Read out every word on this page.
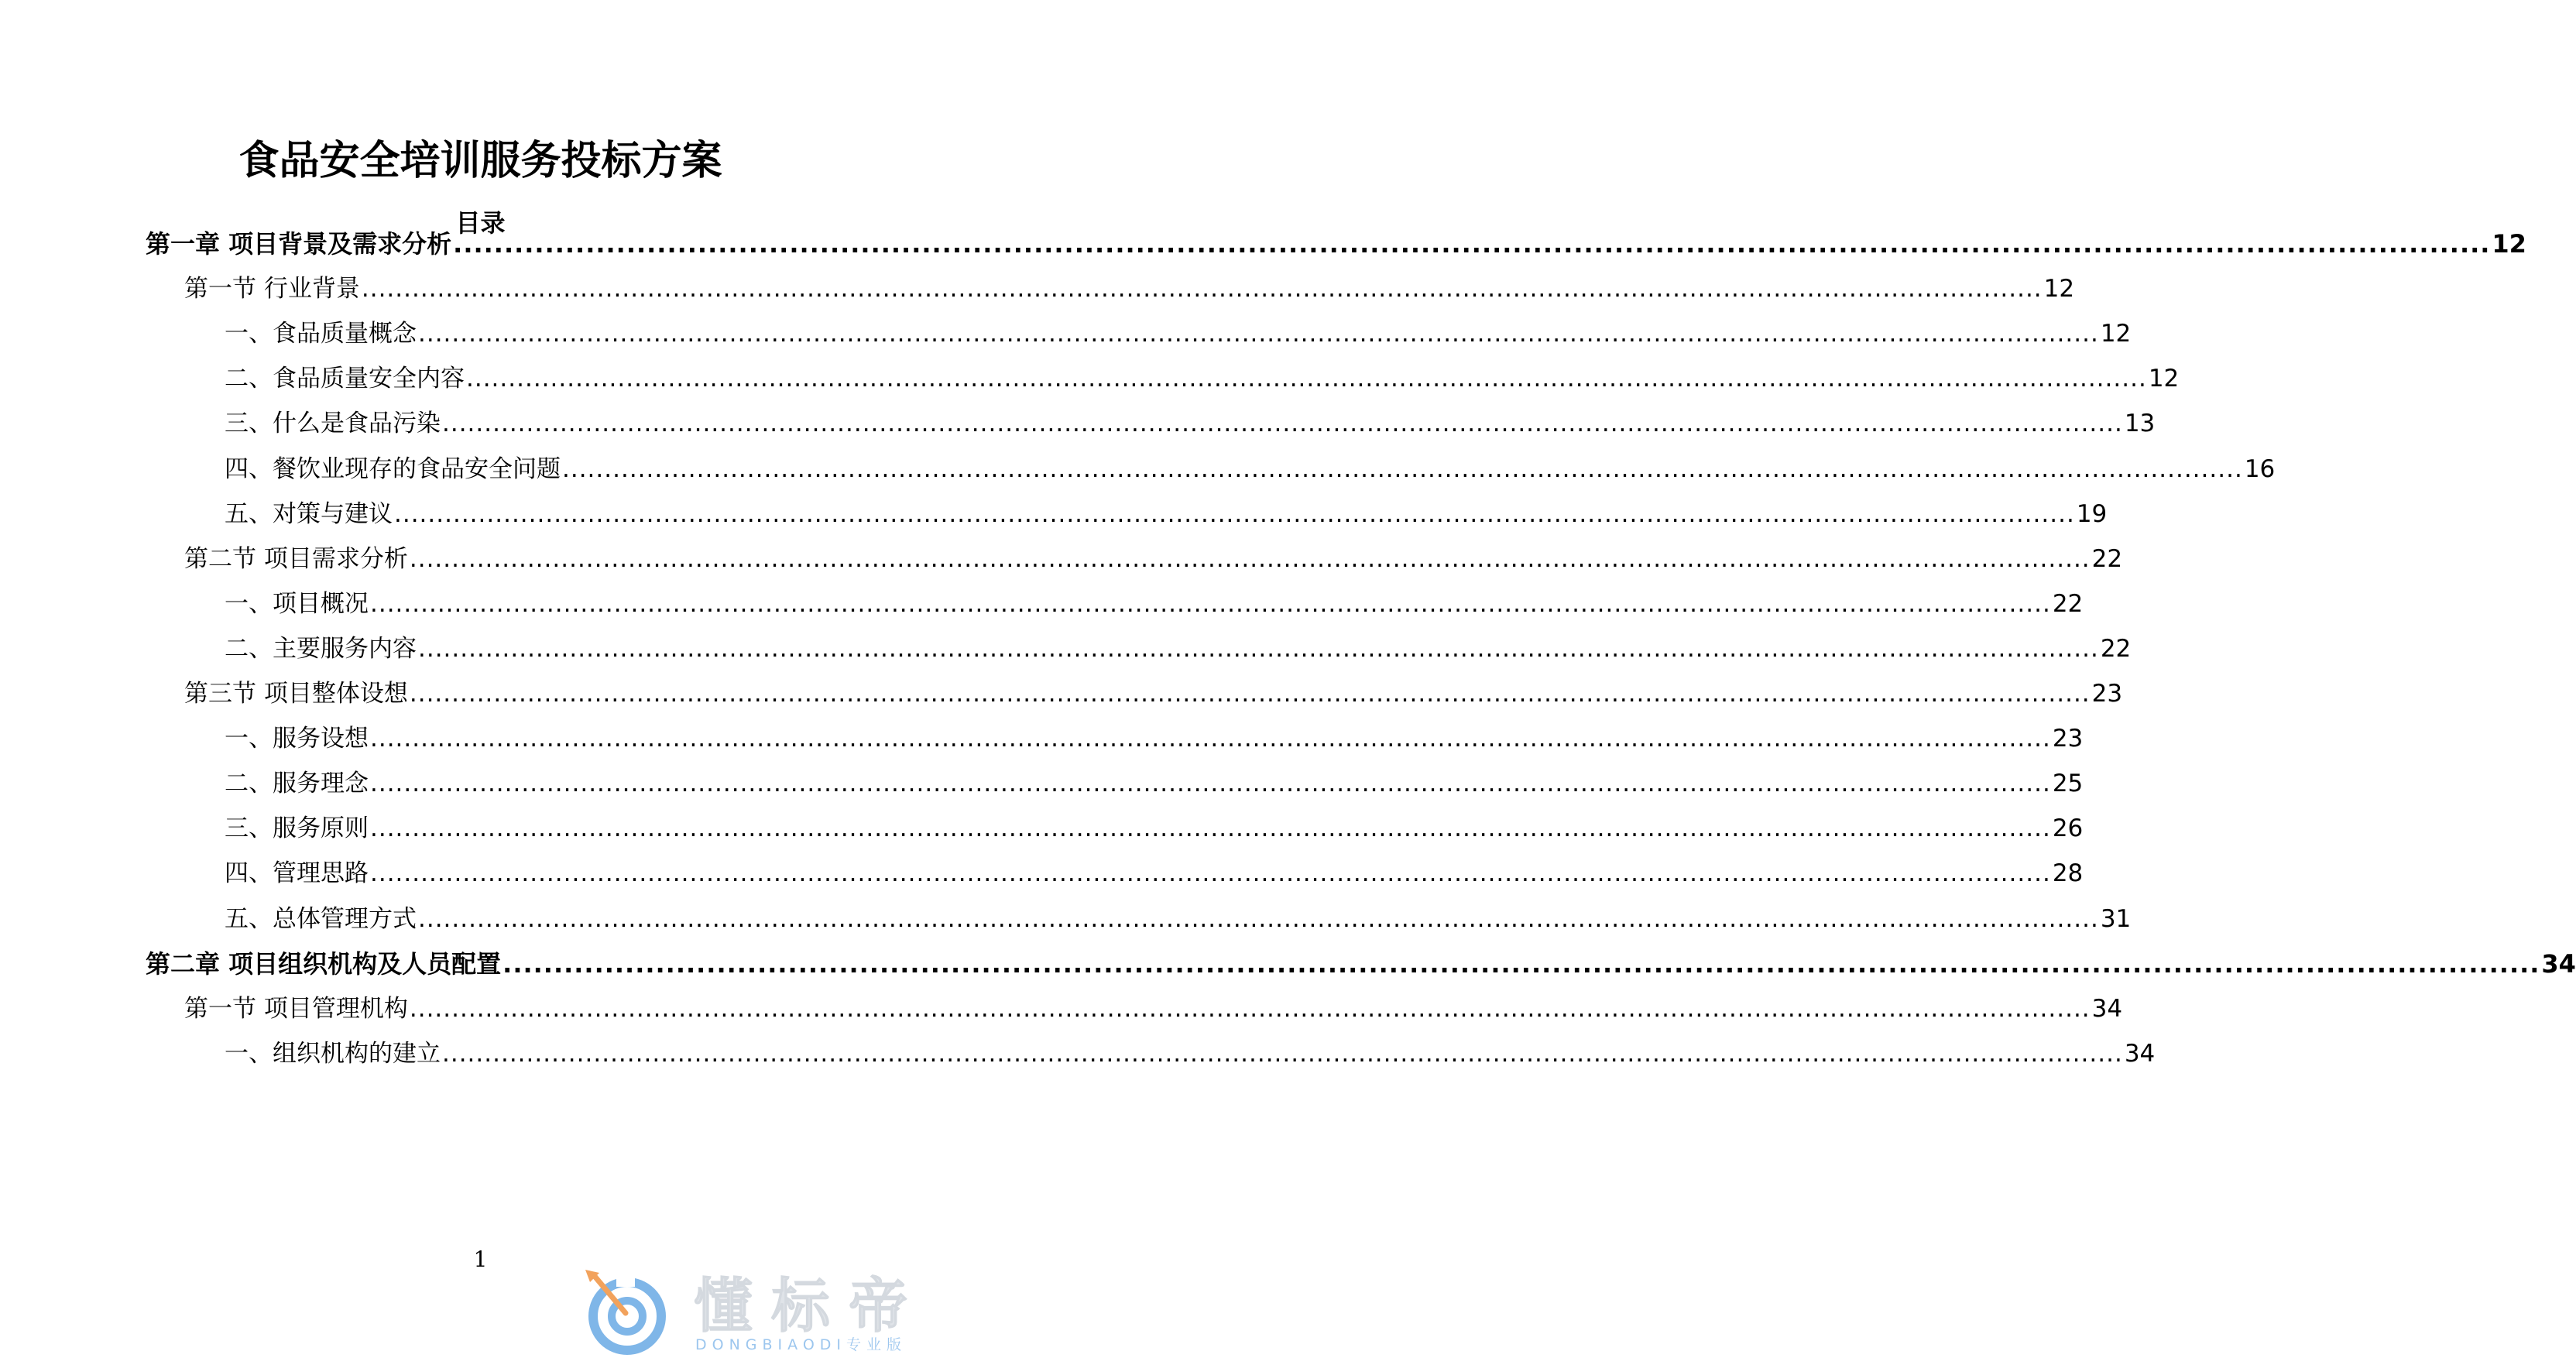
食品安全培训服务投标方案
目录
第一章 项目背景及需求分析 ........................................................................................................................................................................................................ 12
第一节 行业背景 ........................................................................................................................................................................................................ 12
一、食品质量概念 ........................................................................................................................................................................................................ 12
二、食品质量安全内容 ........................................................................................................................................................................................................ 12
三、什么是食品污染 ........................................................................................................................................................................................................ 13
四、餐饮业现存的食品安全问题 ........................................................................................................................................................................................................ 16
五、对策与建议 ........................................................................................................................................................................................................ 19
第二节 项目需求分析 ........................................................................................................................................................................................................ 22
一、项目概况 ........................................................................................................................................................................................................ 22
二、主要服务内容 ........................................................................................................................................................................................................ 22
第三节 项目整体设想 ........................................................................................................................................................................................................ 23
一、服务设想 ........................................................................................................................................................................................................ 23
二、服务理念 ........................................................................................................................................................................................................ 25
三、服务原则 ........................................................................................................................................................................................................ 26
四、管理思路 ........................................................................................................................................................................................................ 28
五、总体管理方式 ........................................................................................................................................................................................................ 31
第二章 项目组织机构及人员配置 ........................................................................................................................................................................................................ 34
第一节 项目管理机构 ........................................................................................................................................................................................................ 34
一、组织机构的建立 ........................................................................................................................................................................................................ 34
1
懂标帝
DONGBIAODI专业版
